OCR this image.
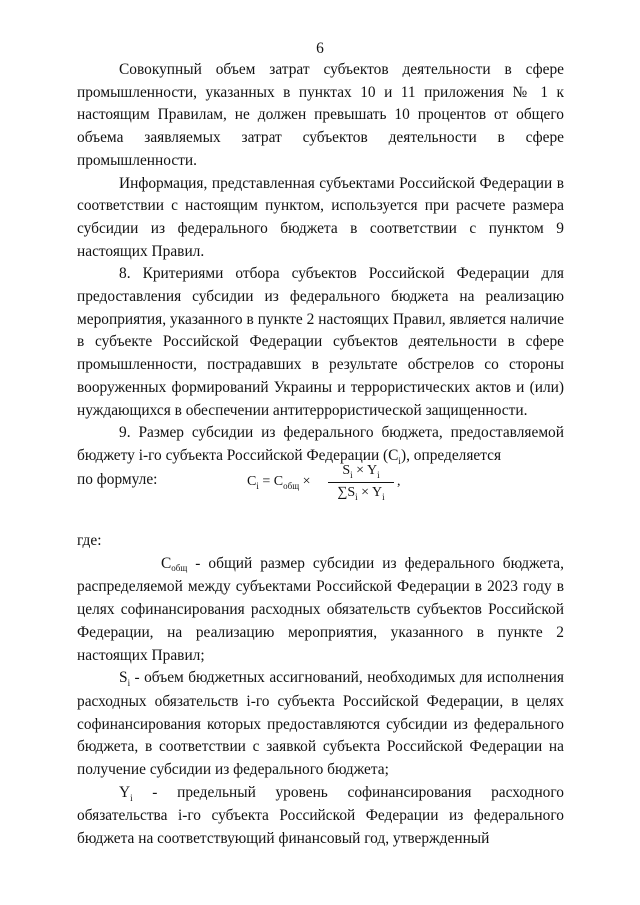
6

Совокупный объем затрат субъектов деятельности в сфере промышленности, указанных в пунктах 10 и 11 приложения № 1 к настоящим Правилам, не должен превышать 10 процентов от общего объема заявляемых затрат субъектов деятельности в сфере промышленности.

Информация, представленная субъектами Российской Федерации в соответствии с настоящим пунктом, используется при расчете размера субсидии из федерального бюджета в соответствии с пунктом 9 настоящих Правил.

8. Критериями отбора субъектов Российской Федерации для предоставления субсидии из федерального бюджета на реализацию мероприятия, указанного в пункте 2 настоящих Правил, является наличие в субъекте Российской Федерации субъектов деятельности в сфере промышленности, пострадавших в результате обстрелов со стороны вооруженных формирований Украины и террористических актов и (или) нуждающихся в обеспечении антитеррористической защищенности.

9. Размер субсидии из федерального бюджета, предоставляемой бюджету i-го субъекта Российской Федерации $(C_i)$, определяется

по формуле:	$C_i = C_{общ}$ ×
$S_i \times Y_i$
$\sum S_i \times Y_i$
,

где:

Cобщ - общий размер субсидии из федерального бюджета, распределяемой между субъектами Российской Федерации в 2023 году в целях софинансирования расходных обязательств субъектов Российской Федерации, на реализацию мероприятия, указанного в пункте 2 настоящих Правил;

$S_i$ - объем бюджетных ассигнований, необходимых для исполнения расходных обязательств i-го субъекта Российской Федерации, в целях софинансирования которых предоставляются субсидии из федерального бюджета, в соответствии с заявкой субъекта Российской Федерации на получение субсидии из федерального бюджета;

$Y_i$ - предельный уровень софинансирования расходного обязательства i-го субъекта Российской Федерации из федерального бюджета на соответствующий финансовый год, утвержденный
